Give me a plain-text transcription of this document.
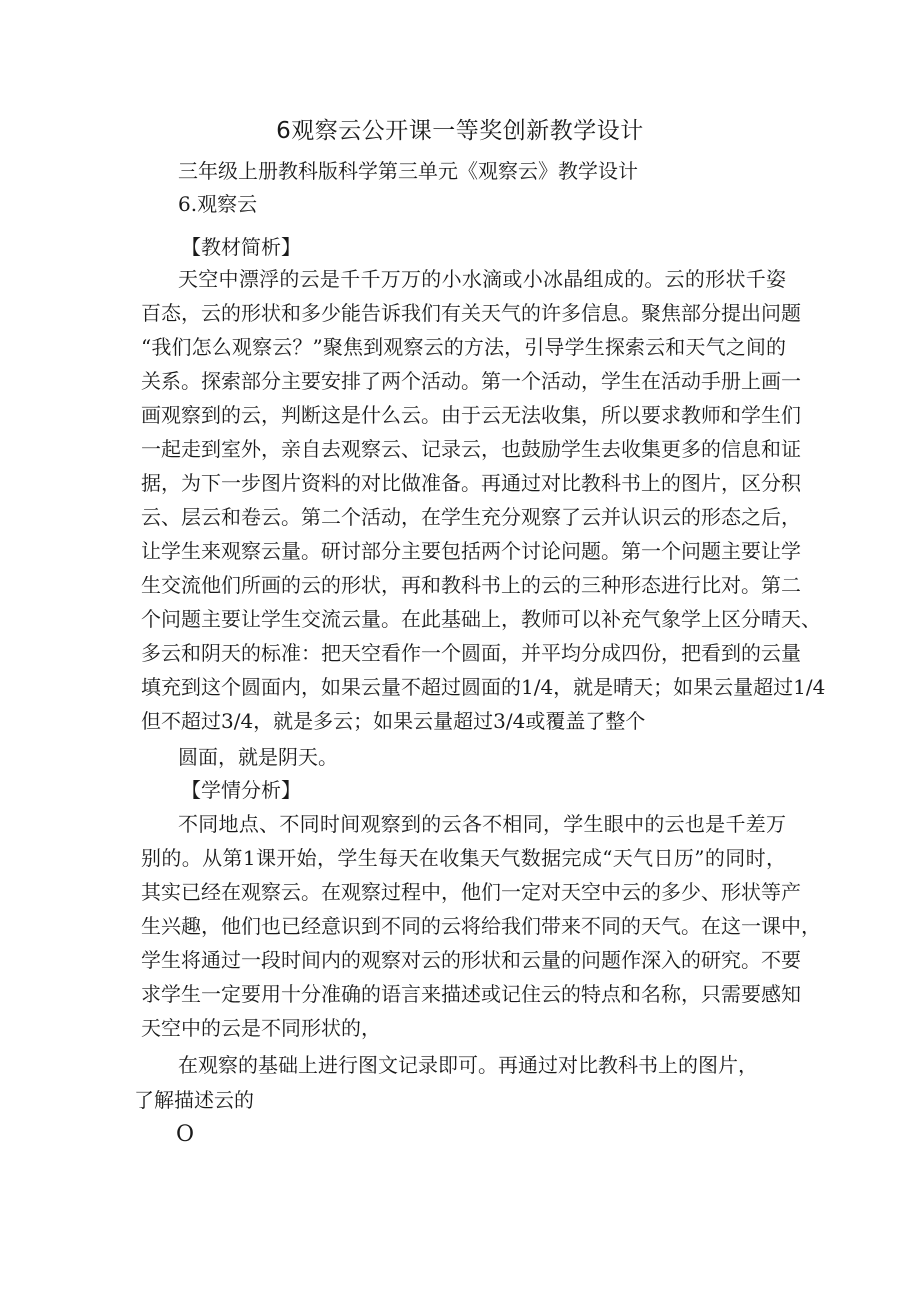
6观察云公开课一等奖创新教学设计
三年级上册教科版科学第三单元《观察云》教学设计
6.观察云
【教材简析】
天空中漂浮的云是千千万万的小水滴或小冰晶组成的。云的形状千姿
百态，云的形状和多少能告诉我们有关天气的许多信息。聚焦部分提出问题
“我们怎么观察云？”聚焦到观察云的方法，引导学生探索云和天气之间的
关系。探索部分主要安排了两个活动。第一个活动，学生在活动手册上画一
画观察到的云，判断这是什么云。由于云无法收集，所以要求教师和学生们
一起走到室外，亲自去观察云、记录云，也鼓励学生去收集更多的信息和证
据，为下一步图片资料的对比做准备。再通过对比教科书上的图片，区分积
云、层云和卷云。第二个活动，在学生充分观察了云并认识云的形态之后，
让学生来观察云量。研讨部分主要包括两个讨论问题。第一个问题主要让学
生交流他们所画的云的形状，再和教科书上的云的三种形态进行比对。第二
个问题主要让学生交流云量。在此基础上，教师可以补充气象学上区分晴天、
多云和阴天的标准：把天空看作一个圆面，并平均分成四份，把看到的云量
填充到这个圆面内，如果云量不超过圆面的1/4，就是晴天；如果云量超过1/4
但不超过3/4，就是多云；如果云量超过3/4或覆盖了整个
圆面，就是阴天。
【学情分析】
不同地点、不同时间观察到的云各不相同，学生眼中的云也是千差万
别的。从第1课开始，学生每天在收集天气数据完成“天气日历”的同时，
其实已经在观察云。在观察过程中，他们一定对天空中云的多少、形状等产
生兴趣，他们也已经意识到不同的云将给我们带来不同的天气。在这一课中，
学生将通过一段时间内的观察对云的形状和云量的问题作深入的研究。不要
求学生一定要用十分准确的语言来描述或记住云的特点和名称，只需要感知
天空中的云是不同形状的，
在观察的基础上进行图文记录即可。再通过对比教科书上的图片，
了解描述云的
O
